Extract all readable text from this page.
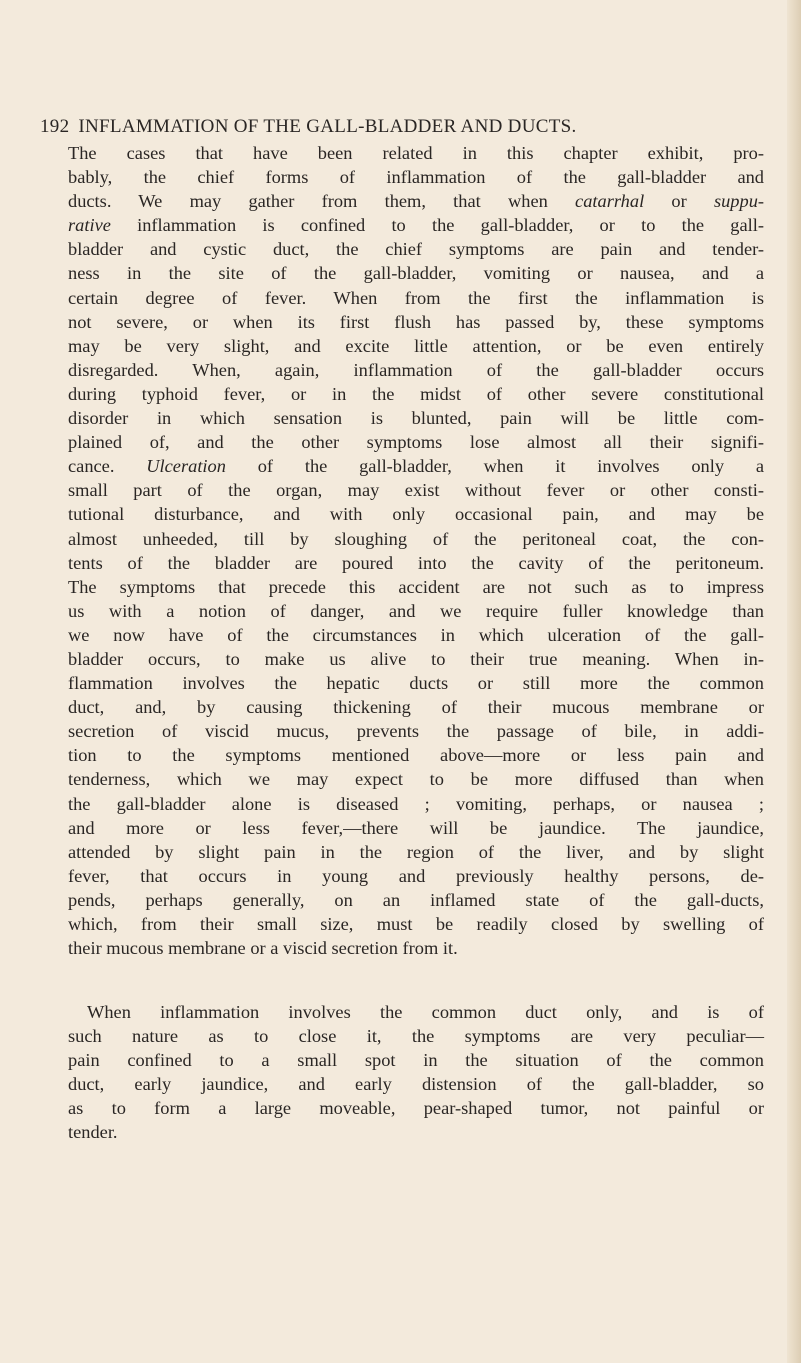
192 INFLAMMATION OF THE GALL-BLADDER AND DUCTS.
The cases that have been related in this chapter exhibit, pro-
bably, the chief forms of inflammation of the gall-bladder and
ducts. We may gather from them, that when catarrhal or suppu-
rative inflammation is confined to the gall-bladder, or to the gall-
bladder and cystic duct, the chief symptoms are pain and tender-
ness in the site of the gall-bladder, vomiting or nausea, and a
certain degree of fever. When from the first the inflammation is
not severe, or when its first flush has passed by, these symptoms
may be very slight, and excite little attention, or be even entirely
disregarded. When, again, inflammation of the gall-bladder occurs
during typhoid fever, or in the midst of other severe constitutional
disorder in which sensation is blunted, pain will be little com-
plained of, and the other symptoms lose almost all their signifi-
cance. Ulceration of the gall-bladder, when it involves only a
small part of the organ, may exist without fever or other consti-
tutional disturbance, and with only occasional pain, and may be
almost unheeded, till by sloughing of the peritoneal coat, the con-
tents of the bladder are poured into the cavity of the peritoneum.
The symptoms that precede this accident are not such as to impress
us with a notion of danger, and we require fuller knowledge than
we now have of the circumstances in which ulceration of the gall-
bladder occurs, to make us alive to their true meaning. When in-
flammation involves the hepatic ducts or still more the common
duct, and, by causing thickening of their mucous membrane or
secretion of viscid mucus, prevents the passage of bile, in addi-
tion to the symptoms mentioned above—more or less pain and
tenderness, which we may expect to be more diffused than when
the gall-bladder alone is diseased ; vomiting, perhaps, or nausea ;
and more or less fever,—there will be jaundice. The jaundice,
attended by slight pain in the region of the liver, and by slight
fever, that occurs in young and previously healthy persons, de-
pends, perhaps generally, on an inflamed state of the gall-ducts,
which, from their small size, must be readily closed by swelling of
their mucous membrane or a viscid secretion from it.
When inflammation involves the common duct only, and is of
such nature as to close it, the symptoms are very peculiar—
pain confined to a small spot in the situation of the common
duct, early jaundice, and early distension of the gall-bladder, so
as to form a large moveable, pear-shaped tumor, not painful or
tender.
